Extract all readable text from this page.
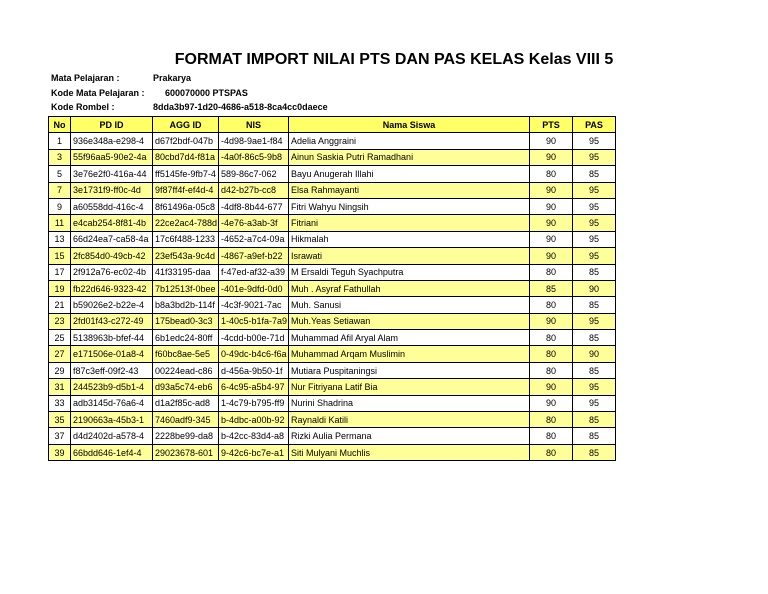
FORMAT IMPORT NILAI PTS DAN PAS KELAS Kelas VIII 5
Mata Pelajaran :	Prakarya
Kode Mata Pelajaran : 600070000 PTSPAS
Kode Rombel :	8dda3b97-1d20-4686-a518-8ca4cc0daece
No	PD ID	AGG ID	NIS	Nama Siswa	PTS	PAS
1	936e348a-e298-4	d67f2bdf-047b	-4d98-9ae1-f84	Adelia Anggraini	90	95
3	55f96aa5-90e2-4a	80cbd7d4-f81a	-4a0f-86c5-9b8	Ainun Saskia Putri Ramadhani	90	95
5	3e76e2f0-416a-44	ff5145fe-9fb7-4	589-86c7-062	Bayu Anugerah Illahi	80	85
7	3e1731f9-ff0c-4d	9f87ff4f-ef4d-4	d42-b27b-cc8	Elsa Rahmayanti	90	95
9	a60558dd-416c-4	8f61496a-05c8	-4df8-8b44-677	Fitri Wahyu Ningsih	90	95
11	e4cab254-8f81-4b	22ce2ac4-788d	-4e76-a3ab-3f	Fitriani	90	95
13	66d24ea7-ca58-4a	17c6f488-1233	-4652-a7c4-09a	Hikmalah	90	95
15	2fc854d0-49cb-42	23ef543a-9c4d	-4867-a9ef-b22	Israwati	90	95
17	2f912a76-ec02-4b	41f33195-daa	f-47ed-af32-a39	M Ersaldi Teguh Syachputra	80	85
19	fb22d646-9323-42	7b12513f-0bee	-401e-9dfd-0d0	Muh . Asyraf Fathullah	85	90
21	b59026e2-b22e-4	b8a3bd2b-114f	-4c3f-9021-7ac	Muh. Sanusi	80	85
23	2fd01f43-c272-49	175bead0-3c3	1-40c5-b1fa-7a9	Muh.Yeas Setiawan	90	95
25	5138963b-bfef-44	6b1edc24-80ff	-4cdd-b00e-71d	Muhammad Afil Aryal Alam	80	85
27	e171506e-01a8-4	f60bc8ae-5e5	0-49dc-b4c6-f6a	Muhammad Arqam Muslimin	80	90
29	f87c3eff-09f2-43	00224ead-c86	d-456a-9b50-1f	Mutiara Puspitaningsi	80	85
31	244523b9-d5b1-4	d93a5c74-eb6	6-4c95-a5b4-97	Nur Fitriyana Latif Bia	90	95
33	adb3145d-76a6-4	d1a2f85c-ad8	1-4c79-b795-ff9	Nurini Shadrina	90	95
35	2190663a-45b3-1	7460adf9-345	b-4dbc-a00b-92	Raynaldi Katili	80	85
37	d4d2402d-a578-4	2228be99-da8	b-42cc-83d4-a8	Rizki Aulia Permana	80	85
39	66bdd646-1ef4-4	29023678-601	9-42c6-bc7e-a1	Siti Mulyani Muchlis	80	85
